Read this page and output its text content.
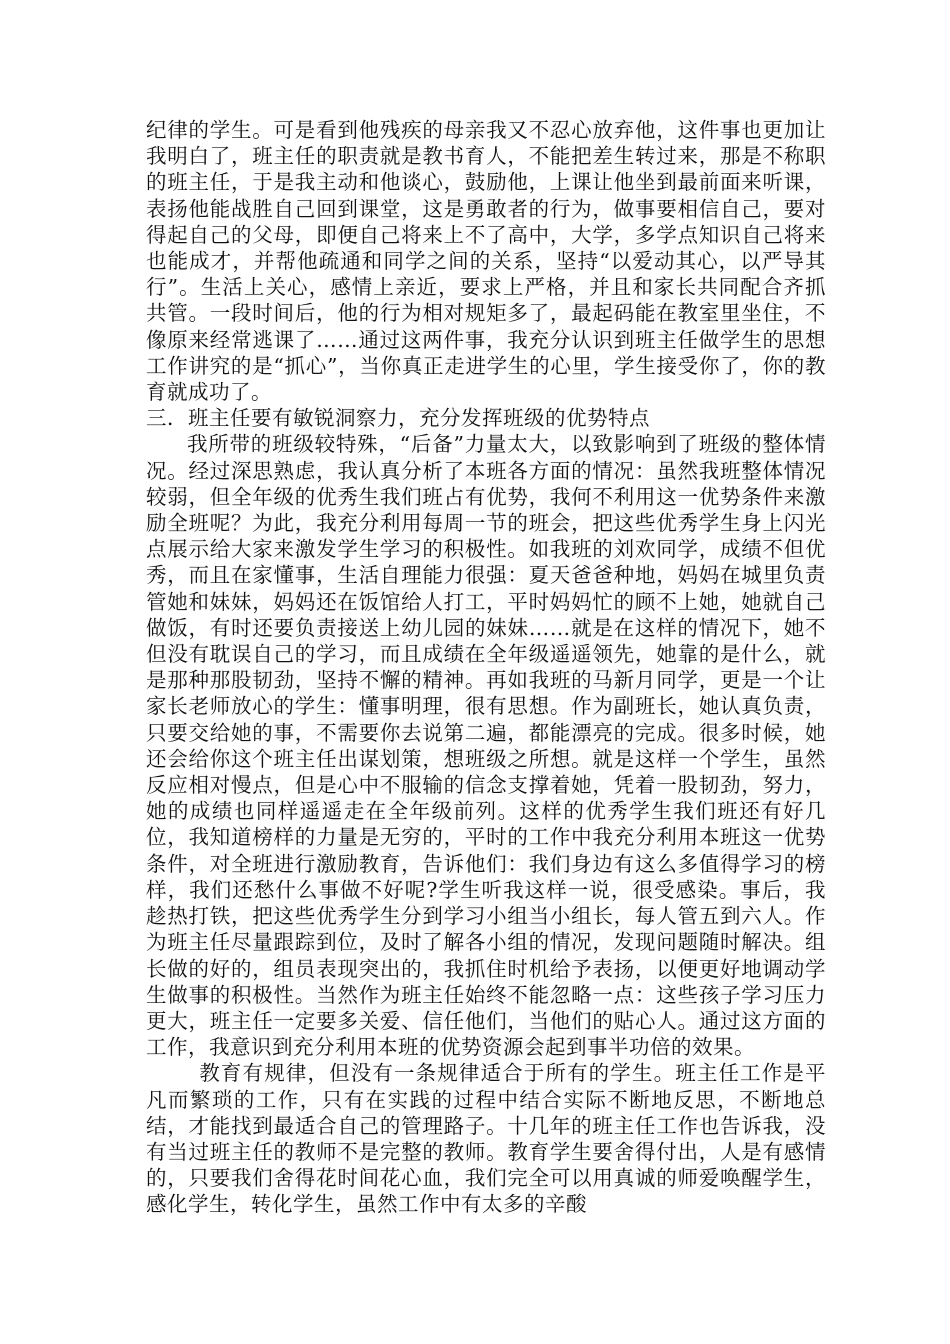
纪律的学生。可是看到他残疾的母亲我又不忍心放弃他，这件事也更加让我明白了，班主任的职责就是教书育人，不能把差生转过来，那是不称职的班主任，于是我主动和他谈心，鼓励他，上课让他坐到最前面来听课，表扬他能战胜自己回到课堂，这是勇敢者的行为，做事要相信自己，要对得起自己的父母，即便自己将来上不了高中，大学，多学点知识自己将来也能成才，并帮他疏通和同学之间的关系，坚持“以爱动其心，以严导其行”。生活上关心，感情上亲近，要求上严格，并且和家长共同配合齐抓共管。一段时间后，他的行为相对规矩多了，最起码能在教室里坐住，不像原来经常逃课了……通过这两件事，我充分认识到班主任做学生的思想工作讲究的是“抓心”，当你真正走进学生的心里，学生接受你了，你的教育就成功了。

三．班主任要有敏锐洞察力，充分发挥班级的优势特点

我所带的班级较特殊，“后备”力量太大，以致影响到了班级的整体情况。经过深思熟虑，我认真分析了本班各方面的情况：虽然我班整体情况较弱，但全年级的优秀生我们班占有优势，我何不利用这一优势条件来激励全班呢？为此，我充分利用每周一节的班会，把这些优秀学生身上闪光点展示给大家来激发学生学习的积极性。如我班的刘欢同学，成绩不但优秀，而且在家懂事，生活自理能力很强：夏天爸爸种地，妈妈在城里负责管她和妹妹，妈妈还在饭馆给人打工，平时妈妈忙的顾不上她，她就自己做饭，有时还要负责接送上幼儿园的妹妹……就是在这样的情况下，她不但没有耽误自己的学习，而且成绩在全年级遥遥领先，她靠的是什么，就是那种那股韧劲，坚持不懈的精神。再如我班的马新月同学，更是一个让家长老师放心的学生：懂事明理，很有思想。作为副班长，她认真负责，只要交给她的事，不需要你去说第二遍，都能漂亮的完成。很多时候，她还会给你这个班主任出谋划策，想班级之所想。就是这样一个学生，虽然反应相对慢点，但是心中不服输的信念支撑着她，凭着一股韧劲，努力，她的成绩也同样遥遥走在全年级前列。这样的优秀学生我们班还有好几位，我知道榜样的力量是无穷的，平时的工作中我充分利用本班这一优势条件，对全班进行激励教育，告诉他们：我们身边有这么多值得学习的榜样，我们还愁什么事做不好呢?学生听我这样一说，很受感染。事后，我趁热打铁，把这些优秀学生分到学习小组当小组长，每人管五到六人。作为班主任尽量跟踪到位，及时了解各小组的情况，发现问题随时解决。组长做的好的，组员表现突出的，我抓住时机给予表扬，以便更好地调动学生做事的积极性。当然作为班主任始终不能忽略一点：这些孩子学习压力更大，班主任一定要多关爱、信任他们，当他们的贴心人。通过这方面的工作，我意识到充分利用本班的优势资源会起到事半功倍的效果。

教育有规律，但没有一条规律适合于所有的学生。班主任工作是平凡而繁琐的工作，只有在实践的过程中结合实际不断地反思，不断地总结，才能找到最适合自己的管理路子。十几年的班主任工作也告诉我，没有当过班主任的教师不是完整的教师。教育学生要舍得付出，人是有感情的，只要我们舍得花时间花心血，我们完全可以用真诚的师爱唤醒学生，感化学生，转化学生，虽然工作中有太多的辛酸
